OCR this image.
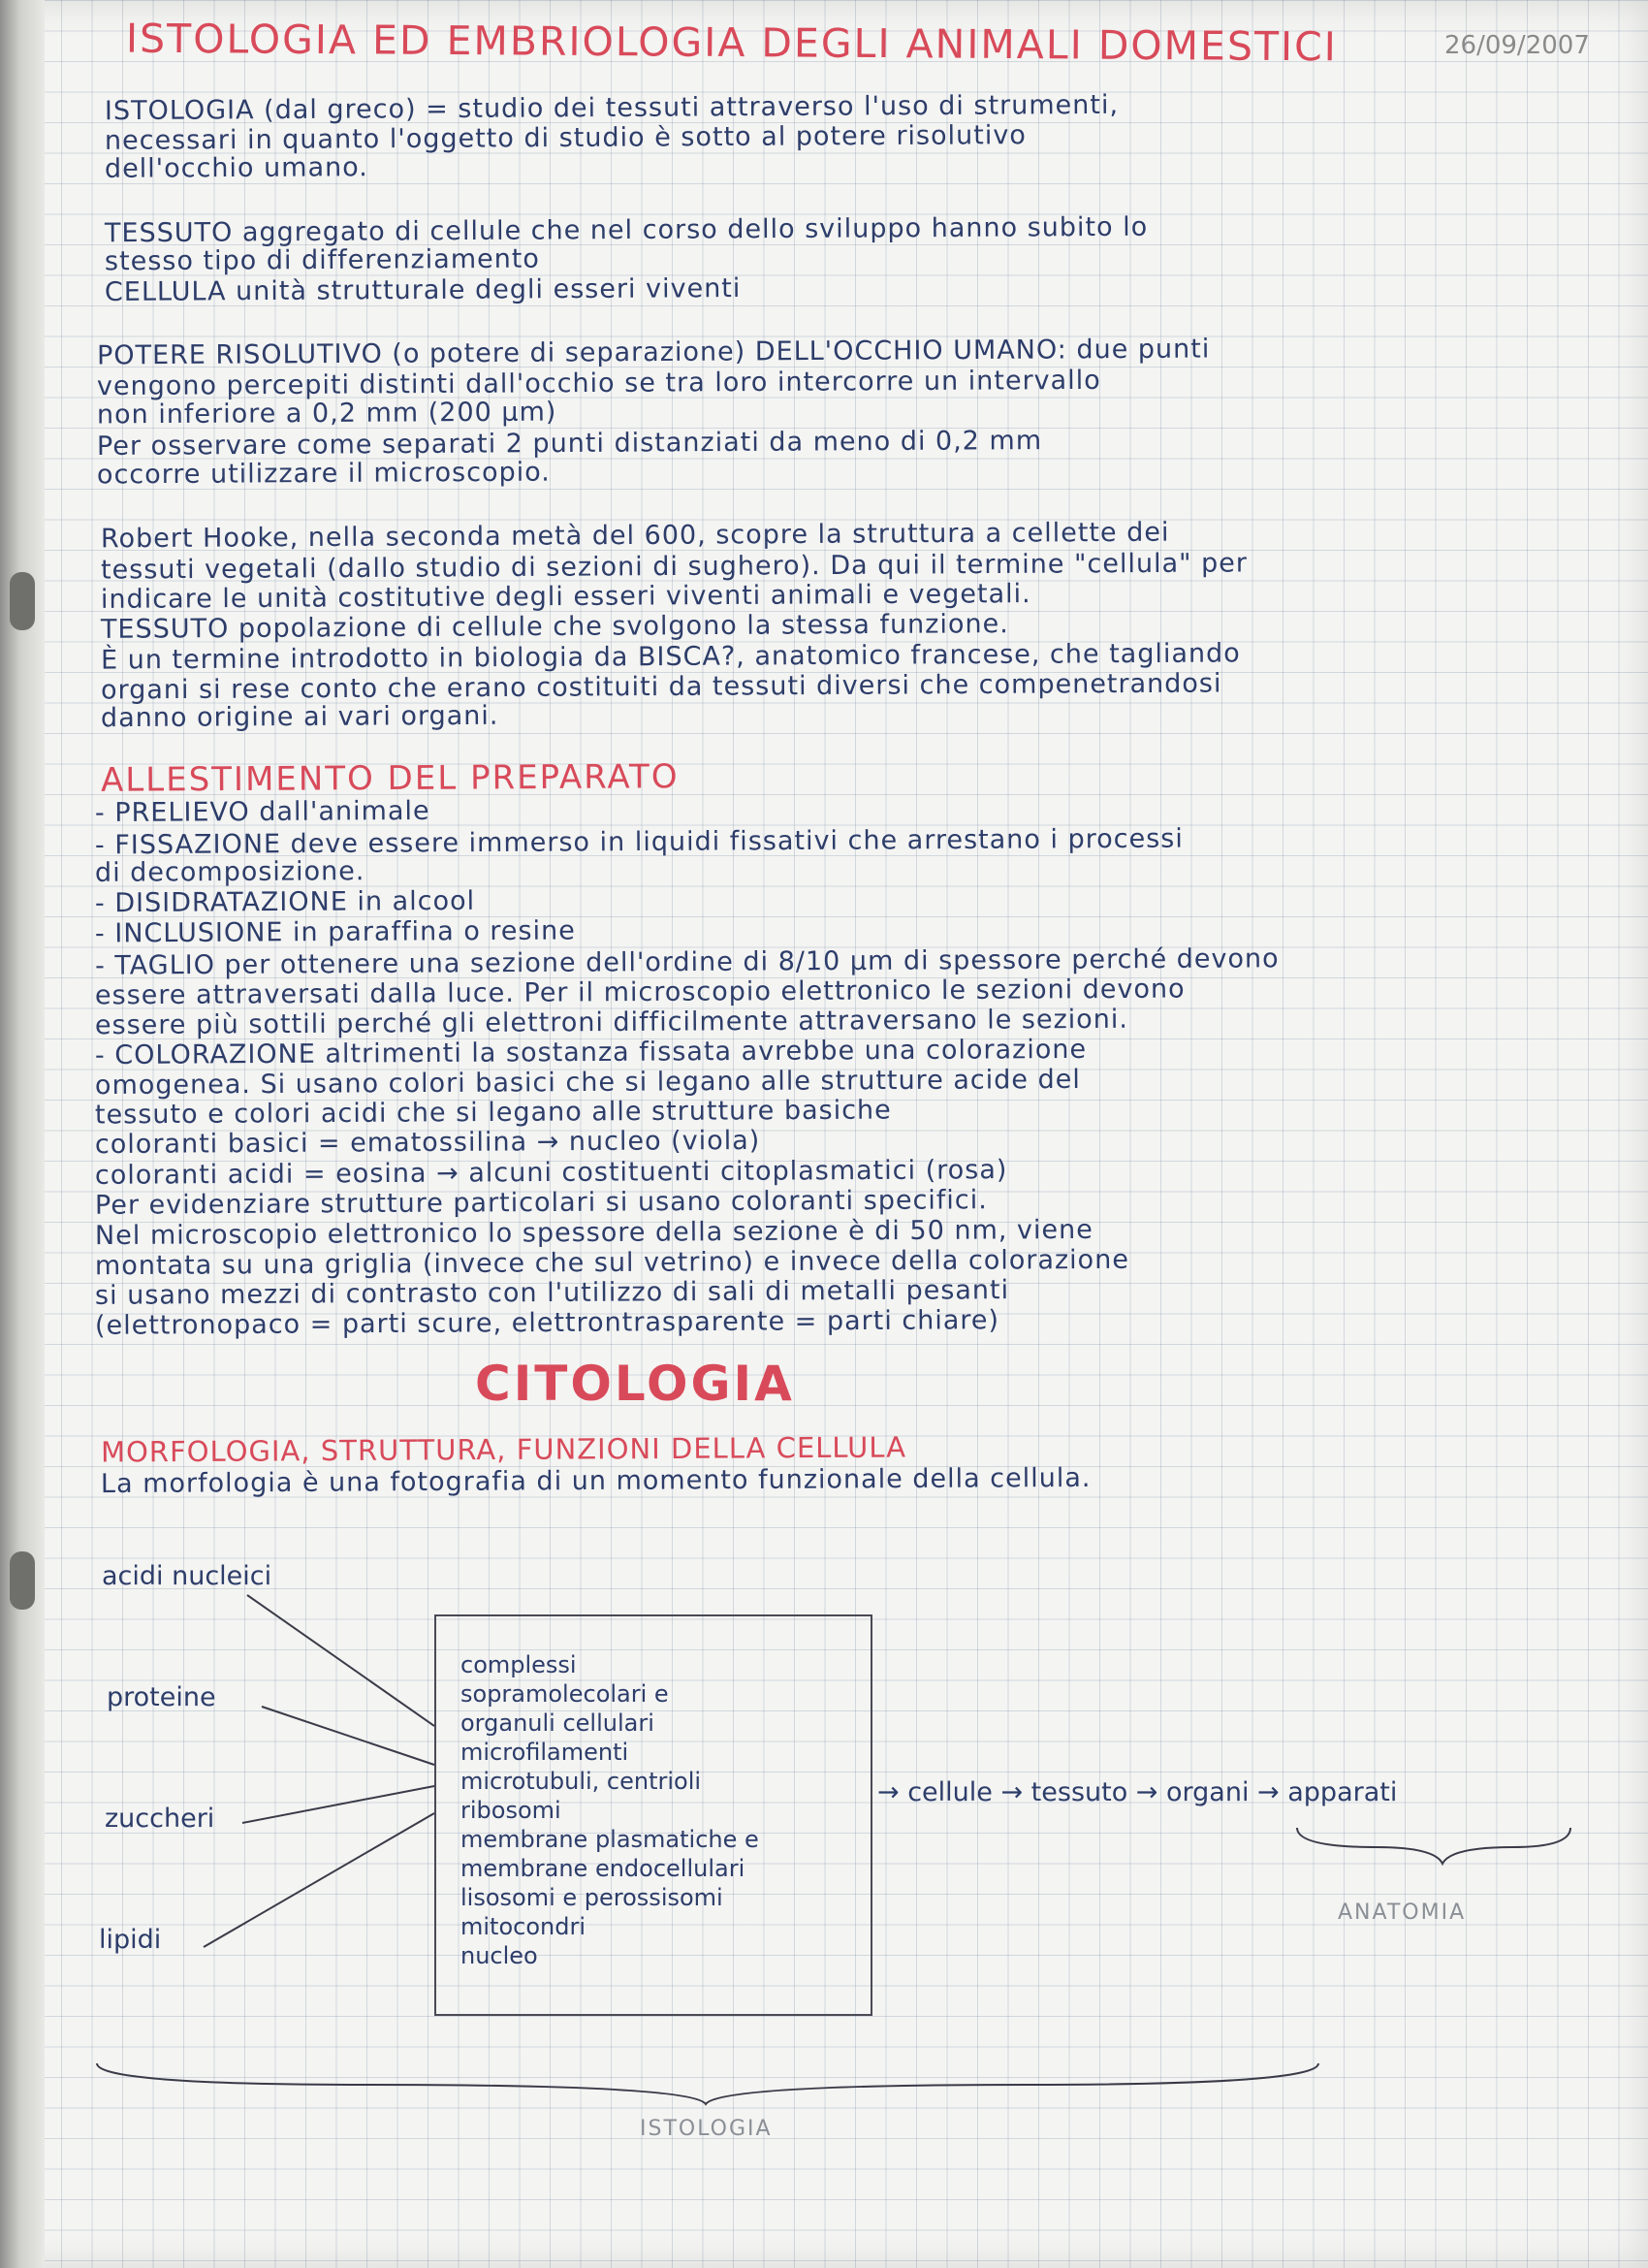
ISTOLOGIA ED EMBRIOLOGIA DEGLI ANIMALI DOMESTICI	26/09/2007
ISTOLOGIA (dal greco) = studio dei tessuti attraverso l'uso di strumenti,
necessari in quanto l'oggetto di studio è sotto al potere risolutivo
dell'occhio umano.
TESSUTO aggregato di cellule che nel corso dello sviluppo hanno subito lo
stesso tipo di differenziamento
CELLULA unità strutturale degli esseri viventi
POTERE RISOLUTIVO (o potere di separazione) DELL'OCCHIO UMANO: due punti
vengono percepiti distinti dall'occhio se tra loro intercorre un intervallo
non inferiore a 0,2 mm (200 µm)
Per osservare come separati 2 punti distanziati da meno di 0,2 mm
occorre utilizzare il microscopio.
Robert Hooke, nella seconda metà del 600, scopre la struttura a cellette dei
tessuti vegetali (dallo studio di sezioni di sughero). Da qui il termine "cellula" per
indicare le unità costitutive degli esseri viventi animali e vegetali.
TESSUTO popolazione di cellule che svolgono la stessa funzione.
È un termine introdotto in biologia da BISCA?, anatomico francese, che tagliando
organi si rese conto che erano costituiti da tessuti diversi che compenetrandosi
danno origine ai vari organi.
ALLESTIMENTO DEL PREPARATO
- PRELIEVO dall'animale
- FISSAZIONE deve essere immerso in liquidi fissativi che arrestano i processi
di decomposizione.
- DISIDRATAZIONE in alcool
- INCLUSIONE in paraffina o resine
- TAGLIO per ottenere una sezione dell'ordine di 8/10 µm di spessore perché devono
essere attraversati dalla luce. Per il microscopio elettronico le sezioni devono
essere più sottili perché gli elettroni difficilmente attraversano le sezioni.
- COLORAZIONE altrimenti la sostanza fissata avrebbe una colorazione
omogenea. Si usano colori basici che si legano alle strutture acide del
tessuto e colori acidi che si legano alle strutture basiche
coloranti basici = ematossilina → nucleo (viola)
coloranti acidi = eosina → alcuni costituenti citoplasmatici (rosa)
Per evidenziare strutture particolari si usano coloranti specifici.
Nel microscopio elettronico lo spessore della sezione è di 50 nm, viene
montata su una griglia (invece che sul vetrino) e invece della colorazione
si usano mezzi di contrasto con l'utilizzo di sali di metalli pesanti
(elettronopaco = parti scure, elettrontrasparente = parti chiare)
CITOLOGIA
MORFOLOGIA, STRUTTURA, FUNZIONI DELLA CELLULA
La morfologia è una fotografia di un momento funzionale della cellula.
acidi nucleici
proteine
zuccheri
lipidi
complessi
sopramolecolari e
organuli cellulari
microfilamenti
microtubuli, centrioli
ribosomi
membrane plasmatiche e
membrane endocellulari
lisosomi e perossisomi
mitocondri
nucleo
→ cellule → tessuto → organi → apparati
ANATOMIA
ISTOLOGIA
